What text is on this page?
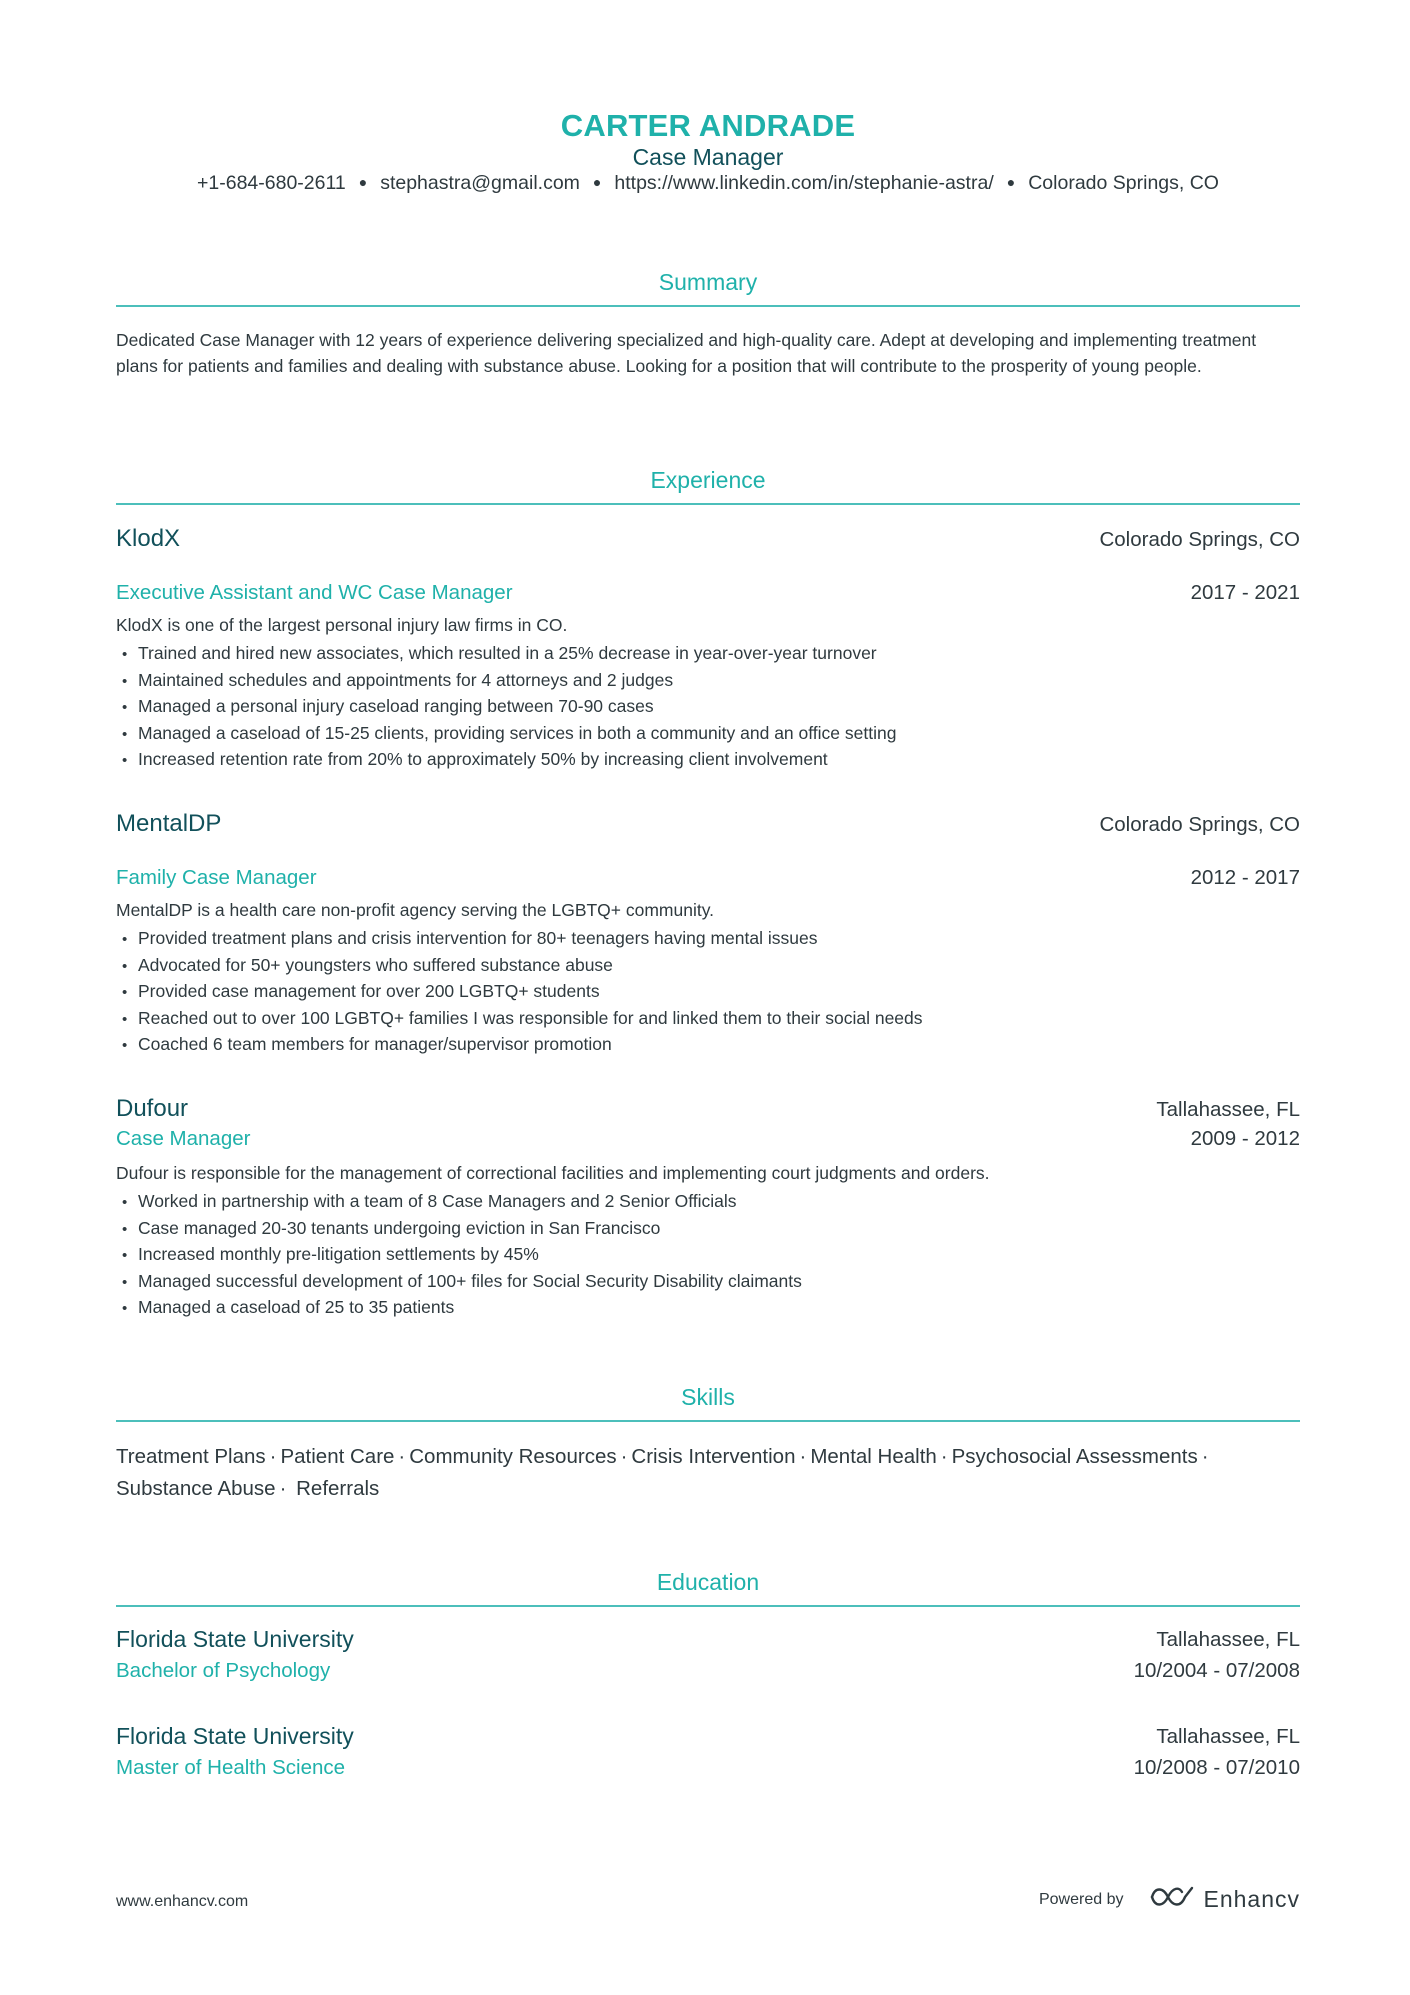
CARTER ANDRADE
Case Manager
+1-684-680-2611 ● stephastra@gmail.com ● https://www.linkedin.com/in/stephanie-astra/ ● Colorado Springs, CO
Summary
Dedicated Case Manager with 12 years of experience delivering specialized and high-quality care. Adept at developing and implementing treatment plans for patients and families and dealing with substance abuse. Looking for a position that will contribute to the prosperity of young people.
Experience
KlodX	Colorado Springs, CO
Executive Assistant and WC Case Manager	2017 - 2021
KlodX is one of the largest personal injury law firms in CO.
• Trained and hired new associates, which resulted in a 25% decrease in year-over-year turnover
• Maintained schedules and appointments for 4 attorneys and 2 judges
• Managed a personal injury caseload ranging between 70-90 cases
• Managed a caseload of 15-25 clients, providing services in both a community and an office setting
• Increased retention rate from 20% to approximately 50% by increasing client involvement
MentalDP	Colorado Springs, CO
Family Case Manager	2012 - 2017
MentalDP is a health care non-profit agency serving the LGBTQ+ community.
• Provided treatment plans and crisis intervention for 80+ teenagers having mental issues
• Advocated for 50+ youngsters who suffered substance abuse
• Provided case management for over 200 LGBTQ+ students
• Reached out to over 100 LGBTQ+ families I was responsible for and linked them to their social needs
• Coached 6 team members for manager/supervisor promotion
Dufour	Tallahassee, FL
Case Manager	2009 - 2012
Dufour is responsible for the management of correctional facilities and implementing court judgments and orders.
• Worked in partnership with a team of 8 Case Managers and 2 Senior Officials
• Case managed 20-30 tenants undergoing eviction in San Francisco
• Increased monthly pre-litigation settlements by 45%
• Managed successful development of 100+ files for Social Security Disability claimants
• Managed a caseload of 25 to 35 patients
Skills
Treatment Plans · Patient Care · Community Resources · Crisis Intervention · Mental Health · Psychosocial Assessments ·
Substance Abuse · Referrals
Education
Florida State University	Tallahassee, FL
Bachelor of Psychology	10/2004 - 07/2008
Florida State University	Tallahassee, FL
Master of Health Science	10/2008 - 07/2010
www.enhancv.com	Powered by	Enhancv
